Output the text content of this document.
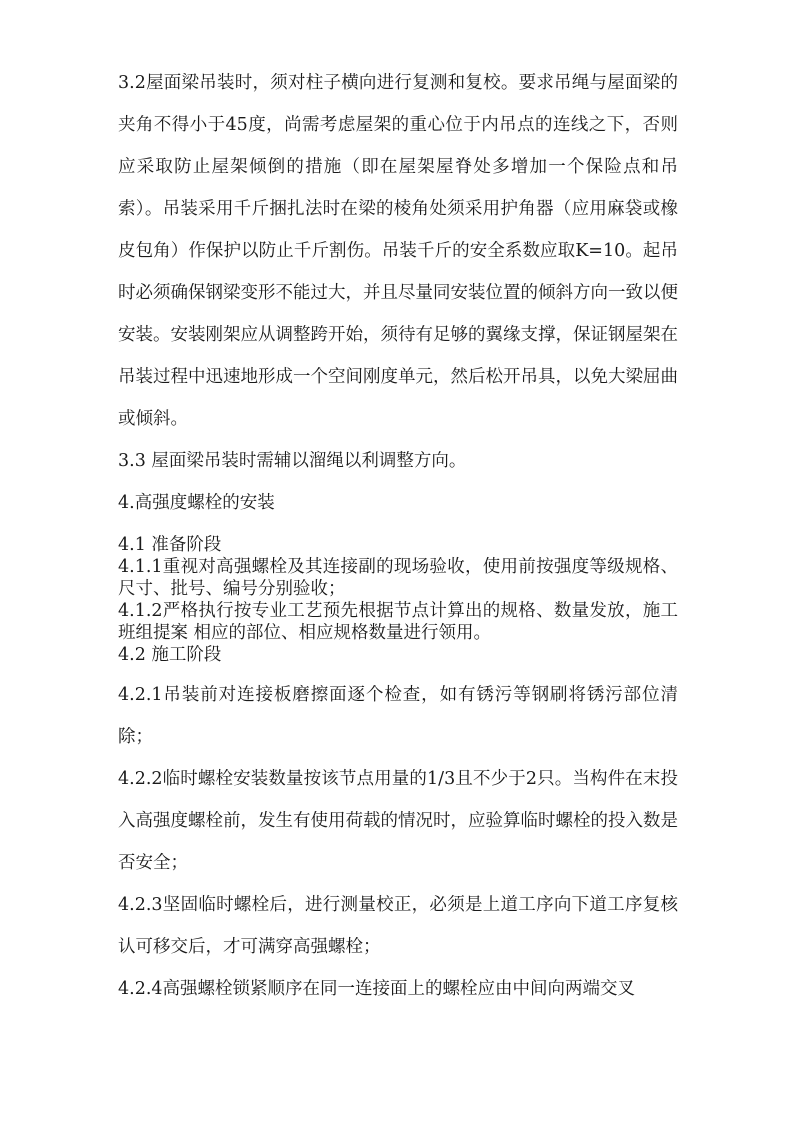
3.2屋面梁吊装时，须对柱子横向进行复测和复校。要求吊绳与屋面梁的夹角不得小于45度，尚需考虑屋架的重心位于内吊点的连线之下，否则应采取防止屋架倾倒的措施（即在屋架屋脊处多增加一个保险点和吊索）。吊装采用千斤捆扎法时在梁的棱角处须采用护角器（应用麻袋或橡皮包角）作保护以防止千斤割伤。吊装千斤的安全系数应取K=10。起吊时必须确保钢梁变形不能过大，并且尽量同安装位置的倾斜方向一致以便安装。安装刚架应从调整跨开始，须待有足够的翼缘支撑，保证钢屋架在吊装过程中迅速地形成一个空间刚度单元，然后松开吊具，以免大梁屈曲或倾斜。

3.3 屋面梁吊装时需辅以溜绳以利调整方向。

4.高强度螺栓的安装

4.1 准备阶段

4.1.1重视对高强螺栓及其连接副的现场验收，使用前按强度等级规格、尺寸、批号、编号分别验收；

4.1.2严格执行按专业工艺预先根据节点计算出的规格、数量发放，施工班组提案 相应的部位、相应规格数量进行领用。

4.2 施工阶段

4.2.1吊装前对连接板磨擦面逐个检查，如有锈污等钢刷将锈污部位清除；

4.2.2临时螺栓安装数量按该节点用量的1/3且不少于2只。当构件在末投入高强度螺栓前，发生有使用荷载的情况时，应验算临时螺栓的投入数是否安全；

4.2.3坚固临时螺栓后，进行测量校正，必须是上道工序向下道工序复核认可移交后，才可满穿高强螺栓；

4.2.4高强螺栓锁紧顺序在同一连接面上的螺栓应由中间向两端交叉
